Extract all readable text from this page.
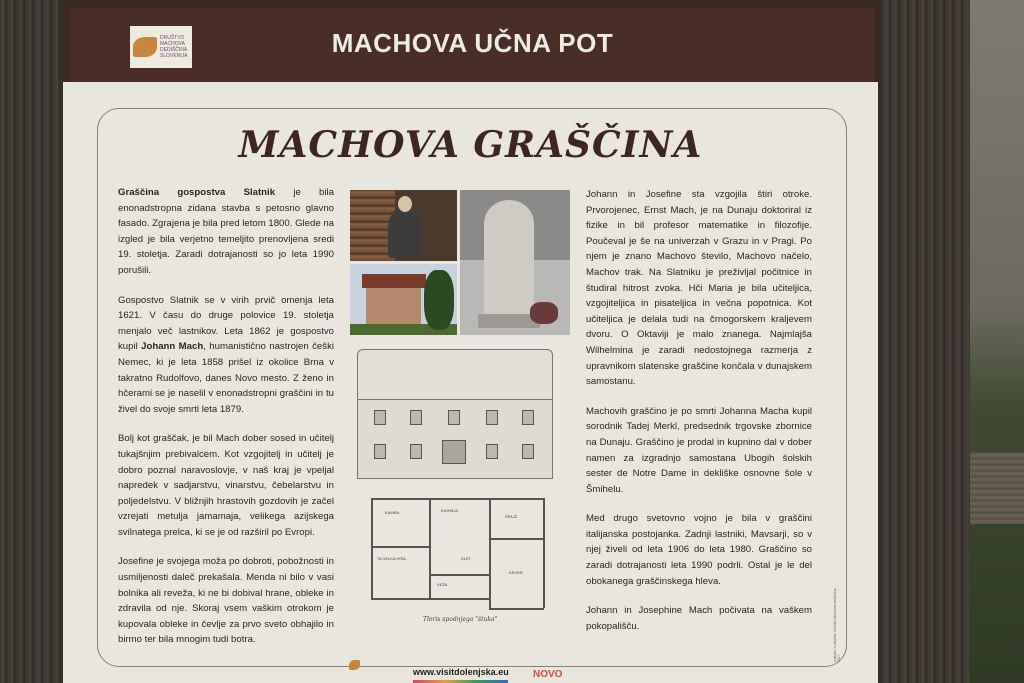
DRUŠTVO
MACHOVA
DEDIŠČINA
SLOVENIJA	MACHOVA UČNA POT
MACHOVA GRAŠČINA

Graščina gospostva Slatnik je bila enonadstropna zidana stavba s petosno glavno fasado. Zgrajena je bila pred letom 1800. Glede na izgled je bila verjetno temeljito prenovljena sredi 19. stoletja. Zaradi dotrajanosti so jo leta 1990 porušili.

Gospostvo Slatnik se v virih prvič omenja leta 1621. V času do druge polovice 19. stoletja menjalo več lastnikov. Leta 1862 je gospostvo kupil Johann Mach, humanistično nastrojen češki Nemec, ki je leta 1858 prišel iz okolice Brna v takratno Rudolfovo, danes Novo mesto. Z ženo in hčerami se je naselil v enonadstropni graščini in tu živel do svoje smrti leta 1879.

Bolj kot graščak, je bil Mach dober sosed in učitelj tukajšnjim prebivalcem. Kot vzgojitelj in učitelj je dobro poznal naravoslovje, v naš kraj je vpeljal napredek v sadjarstvu, vinarstvu, čebelarstvu in poljedelstvu. V bližnjih hrastovih gozdovih je začel vzrejati metulja jamamaja, velikega azijskega svilnatega prelca, ki se je od razširil po Evropi.

Josefine je svojega moža po dobroti, pobožnosti in usmiljenosti daleč prekašala. Menda ni bilo v vasi bolnika ali reveža, ki ne bi dobival hrane, obleke in zdravila od nje. Skoraj vsem vaškim otrokom je kupovala obleke in čevlje za prvo sveto obhajilo in birmo ter bila mnogim tudi botra.

KAMRA	KUHINJA
ŠPAJZ
KEVDR
TA VELKA HIŠA
VEŽA
KLET
Tloris spodnjega "štuka"

Johann in Josefine sta vzgojila štiri otroke. Prvorojenec, Ernst Mach, je na Dunaju doktoriral iz fizike in bil profesor matematike in filozofije. Poučeval je še na univerzah v Grazu in v Pragi. Po njem je znano Machovo število, Machovo načelo, Machov trak. Na Slatniku je preživljal počitnice in študiral hitrost zvoka. Hči Maria je bila učiteljica, vzgojiteljica in pisateljica in večna popotnica. Kot učiteljica je delala tudi na črnogorskem kraljevem dvoru. O Oktaviji je malo znanega. Najmlajša Wilhelmina je zaradi nedostojnega razmerja z upravnikom slatenske graščine končala v dunajskem samostanu.

Machovih graščino je po smrti Johanna Macha kupil sorodnik Tadej Merkl, predsednik trgovske zbornice na Dunaju. Graščino je prodal in kupnino dal v dober namen za izgradnjo samostana Ubogih šolskih sester de Notre Dame in dekliške osnovne šole v Šmihelu.

Med drugo svetovno vojno je bila v graščini italijanska postojanka. Zadnji lastniki, Mavsarji, so v njej živeli od leta 1906 do leta 1980. Graščino so zaradi dotrajanosti leta 1990 podrli. Ostal je le del obokanega graščinskega hleva.

Johann in Josephine Mach počivata na vaškem pokopališču.	Izdelalo in založilo: Društvo Machova dediščina, 2017
www.visitdolenjska.eu NOVO
